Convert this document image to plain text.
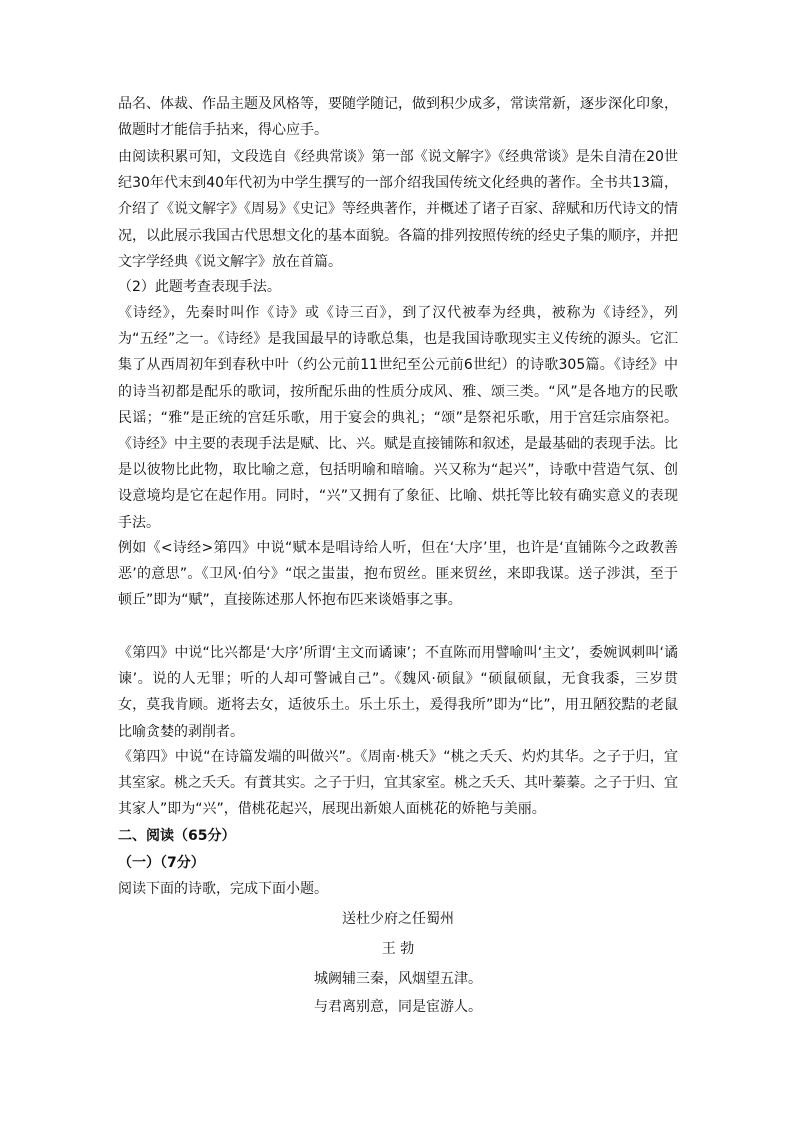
品名、体裁、作品主题及风格等，要随学随记，做到积少成多，常读常新，逐步深化印象，做题时才能信手拈来，得心应手。

由阅读积累可知，文段选自《经典常谈》第一部《说文解字》《经典常谈》是朱自清在20世纪30年代末到40年代初为中学生撰写的一部介绍我国传统文化经典的著作。全书共13篇，介绍了《说文解字》《周易》《史记》等经典著作，并概述了诸子百家、辞赋和历代诗文的情况，以此展示我国古代思想文化的基本面貌。各篇的排列按照传统的经史子集的顺序，并把文字学经典《说文解字》放在首篇。

（2）此题考查表现手法。

《诗经》，先秦时叫作《诗》或《诗三百》，到了汉代被奉为经典，被称为《诗经》，列为“五经”之一。《诗经》是我国最早的诗歌总集，也是我国诗歌现实主义传统的源头。它汇集了从西周初年到春秋中叶（约公元前11世纪至公元前6世纪）的诗歌305篇。《诗经》中的诗当初都是配乐的歌词，按所配乐曲的性质分成风、雅、颂三类。“风”是各地方的民歌民谣；“雅”是正统的宫廷乐歌，用于宴会的典礼；“颂”是祭祀乐歌，用于宫廷宗庙祭祀。《诗经》中主要的表现手法是赋、比、兴。赋是直接铺陈和叙述，是最基础的表现手法。比是以彼物比此物，取比喻之意，包括明喻和暗喻。兴又称为“起兴”，诗歌中营造气氛、创设意境均是它在起作用。同时，“兴”又拥有了象征、比喻、烘托等比较有确实意义的表现手法。

例如《<诗经>第四》中说“赋本是唱诗给人听，但在‘大序’里，也许是‘直铺陈今之政教善恶’的意思”。《卫风·伯兮》“氓之蚩蚩，抱布贸丝。匪来贸丝，来即我谋。送子涉淇，至于顿丘”即为“赋”，直接陈述那人怀抱布匹来谈婚事之事。

《第四》中说“比兴都是‘大序’所谓‘主文而谲谏’；不直陈而用譬喻叫‘主文’，委婉讽刺叫‘谲谏’。说的人无罪；听的人却可警诫自己”。《魏风·硕鼠》“硕鼠硕鼠，无食我黍，三岁贯女，莫我肯顾。逝将去女，适彼乐土。乐土乐土，爰得我所”即为“比”，用丑陋狡黠的老鼠比喻贪婪的剥削者。

《第四》中说“在诗篇发端的叫做兴”。《周南·桃夭》“桃之夭夭、灼灼其华。之子于归，宜其室家。桃之夭夭。有蕡其实。之子于归，宜其家室。桃之夭夭、其叶蓁蓁。之子于归、宜其家人”即为“兴”，借桃花起兴，展现出新娘人面桃花的娇艳与美丽。

二、阅读（65分）

（一）（7分）

阅读下面的诗歌，完成下面小题。

送杜少府之任蜀州

王 勃

城阙辅三秦，风烟望五津。

与君离别意，同是宦游人。
